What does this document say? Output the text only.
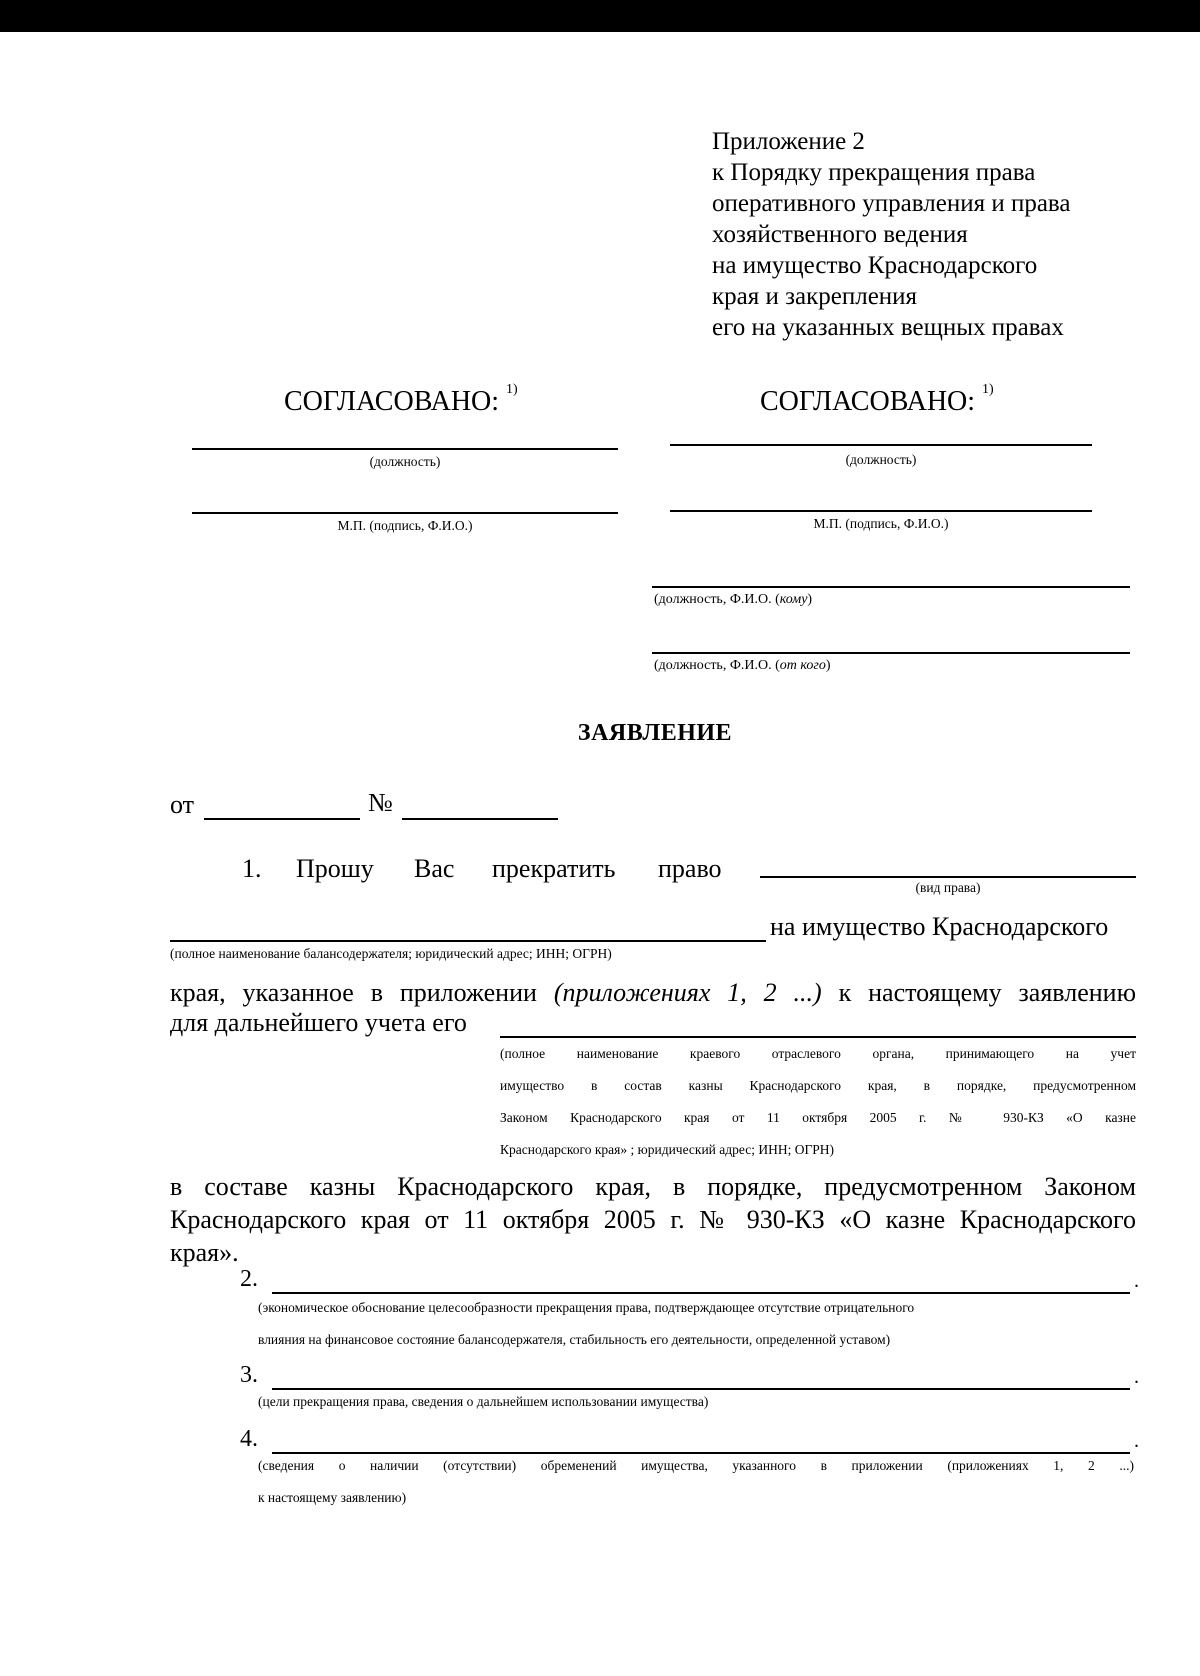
Приложение 2
к Порядку прекращения права
оперативного управления и права
хозяйственного ведения
на имущество Краснодарского
края и закрепления
его на указанных вещных правах
СОГЛАСОВАНО: $^{1)}$
(должность)
М.П. (подпись, Ф.И.О.)
СОГЛАСОВАНО: $^{1)}$
(должность)
М.П. (подпись, Ф.И.О.)
(должность, Ф.И.О. (кому)
(должность, Ф.И.О. (от кого)
ЗАЯВЛЕНИЕ
от	№
1. Прошу Вас прекратить право
(вид права)
на имущество Краснодарского
(полное наименование балансодержателя; юридический адрес; ИНН; ОГРН)
края, указанное в приложении (приложениях 1, 2 ...) к настоящему заявлению
для дальнейшего учета его
(полное наименование краевого отраслевого органа, принимающего на учет
имущество в состав казны Краснодарского края, в порядке, предусмотренном
Законом Краснодарского края от 11 октября 2005 г. № 930-КЗ «О казне
Краснодарского края» ; юридический адрес; ИНН; ОГРН)
в составе казны Краснодарского края, в порядке, предусмотренном Законом
Краснодарского края от 11 октября 2005 г. № 930-КЗ «О казне Краснодарского
края».
2.	.
(экономическое обоснование целесообразности прекращения права, подтверждающее отсутствие отрицательного
влияния на финансовое состояние балансодержателя, стабильность его деятельности, определенной уставом)
3.	.
(цели прекращения права, сведения о дальнейшем использовании имущества)
4.	.
(сведения о наличии (отсутствии) обременений имущества, указанного в приложении (приложениях 1, 2 ...)
к настоящему заявлению)
